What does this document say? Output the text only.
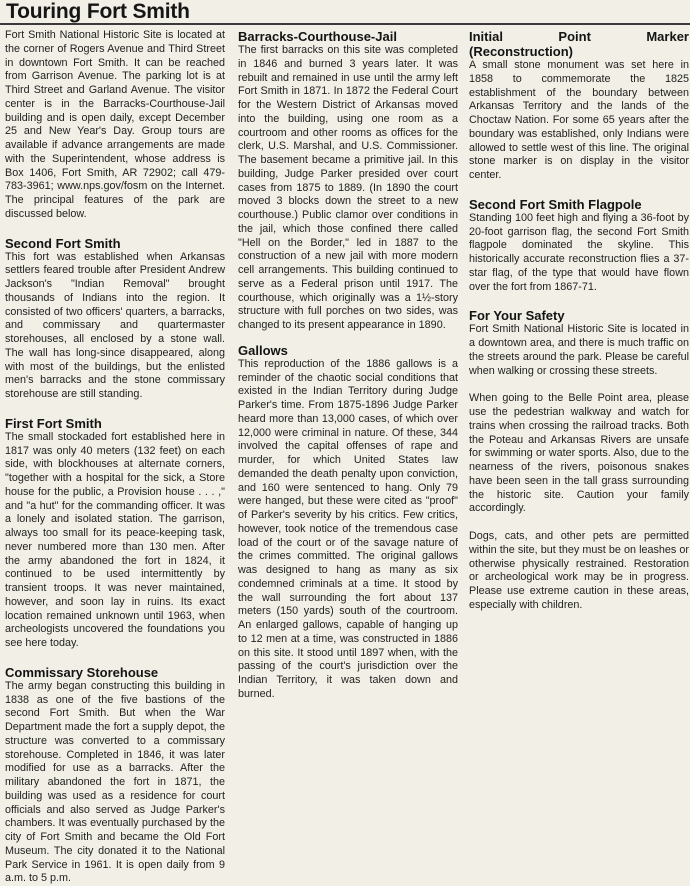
Touring Fort Smith

Fort Smith National Historic Site is located at the corner of Rogers Avenue and Third Street in downtown Fort Smith. It can be reached from Garrison Avenue. The parking lot is at Third Street and Garland Avenue. The visitor center is in the Barracks-Courthouse-Jail building and is open daily, except December 25 and New Year's Day. Group tours are available if advance arrangements are made with the Superintendent, whose address is Box 1406, Fort Smith, AR 72902; call 479-783-3961; www.nps.gov/fosm on the Internet. The principal features of the park are discussed below.

Second Fort Smith

This fort was established when Arkansas settlers feared trouble after President Andrew Jackson's "Indian Removal" brought thousands of Indians into the region. It consisted of two officers' quarters, a barracks, and commissary and quartermaster storehouses, all enclosed by a stone wall. The wall has long-since disappeared, along with most of the buildings, but the enlisted men's barracks and the stone commissary storehouse are still standing.

First Fort Smith

The small stockaded fort established here in 1817 was only 40 meters (132 feet) on each side, with blockhouses at alternate corners, "together with a hospital for the sick, a Store house for the public, a Provision house . . . ," and "a hut" for the commanding officer. It was a lonely and isolated station. The garrison, always too small for its peace-keeping task, never numbered more than 130 men. After the army abandoned the fort in 1824, it continued to be used intermittently by transient troops. It was never maintained, however, and soon lay in ruins. Its exact location remained unknown until 1963, when archeologists uncovered the foundations you see here today.

Commissary Storehouse

The army began constructing this building in 1838 as one of the five bastions of the second Fort Smith. But when the War Department made the fort a supply depot, the structure was converted to a commissary storehouse. Completed in 1846, it was later modified for use as a barracks. After the military abandoned the fort in 1871, the building was used as a residence for court officials and also served as Judge Parker's chambers. It was eventually purchased by the city of Fort Smith and became the Old Fort Museum. The city donated it to the National Park Service in 1961. It is open daily from 9 a.m. to 5 p.m.

Barracks-Courthouse-Jail

The first barracks on this site was completed in 1846 and burned 3 years later. It was rebuilt and remained in use until the army left Fort Smith in 1871. In 1872 the Federal Court for the Western District of Arkansas moved into the building, using one room as a courtroom and other rooms as offices for the clerk, U.S. Marshal, and U.S. Commissioner. The basement became a primitive jail. In this building, Judge Parker presided over court cases from 1875 to 1889. (In 1890 the court moved 3 blocks down the street to a new courthouse.) Public clamor over conditions in the jail, which those confined there called "Hell on the Border," led in 1887 to the construction of a new jail with more modern cell arrangements. This building continued to serve as a Federal prison until 1917. The courthouse, which originally was a 1½-story structure with full porches on two sides, was changed to its present appearance in 1890.

Gallows

This reproduction of the 1886 gallows is a reminder of the chaotic social conditions that existed in the Indian Territory during Judge Parker's time. From 1875-1896 Judge Parker heard more than 13,000 cases, of which over 12,000 were criminal in nature. Of these, 344 involved the capital offenses of rape and murder, for which United States law demanded the death penalty upon conviction, and 160 were sentenced to hang. Only 79 were hanged, but these were cited as "proof" of Parker's severity by his critics. Few critics, however, took notice of the tremendous case load of the court or of the savage nature of the crimes committed. The original gallows was designed to hang as many as six condemned criminals at a time. It stood by the wall surrounding the fort about 137 meters (150 yards) south of the courtroom. An enlarged gallows, capable of hanging up to 12 men at a time, was constructed in 1886 on this site. It stood until 1897 when, with the passing of the court's jurisdiction over the Indian Territory, it was taken down and burned.

Initial Point Marker (Reconstruction)

A small stone monument was set here in 1858 to commemorate the 1825 establishment of the boundary between Arkansas Territory and the lands of the Choctaw Nation. For some 65 years after the boundary was established, only Indians were allowed to settle west of this line. The original stone marker is on display in the visitor center.

Second Fort Smith Flagpole

Standing 100 feet high and flying a 36-foot by 20-foot garrison flag, the second Fort Smith flagpole dominated the skyline. This historically accurate reconstruction flies a 37-star flag, of the type that would have flown over the fort from 1867-71.

For Your Safety

Fort Smith National Historic Site is located in a downtown area, and there is much traffic on the streets around the park. Please be careful when walking or crossing these streets.

When going to the Belle Point area, please use the pedestrian walkway and watch for trains when crossing the railroad tracks. Both the Poteau and Arkansas Rivers are unsafe for swimming or water sports. Also, due to the nearness of the rivers, poisonous snakes have been seen in the tall grass surrounding the historic site. Caution your family accordingly.

Dogs, cats, and other pets are permitted within the site, but they must be on leashes or otherwise physically restrained. Restoration or archeological work may be in progress. Please use extreme caution in these areas, especially with children.
